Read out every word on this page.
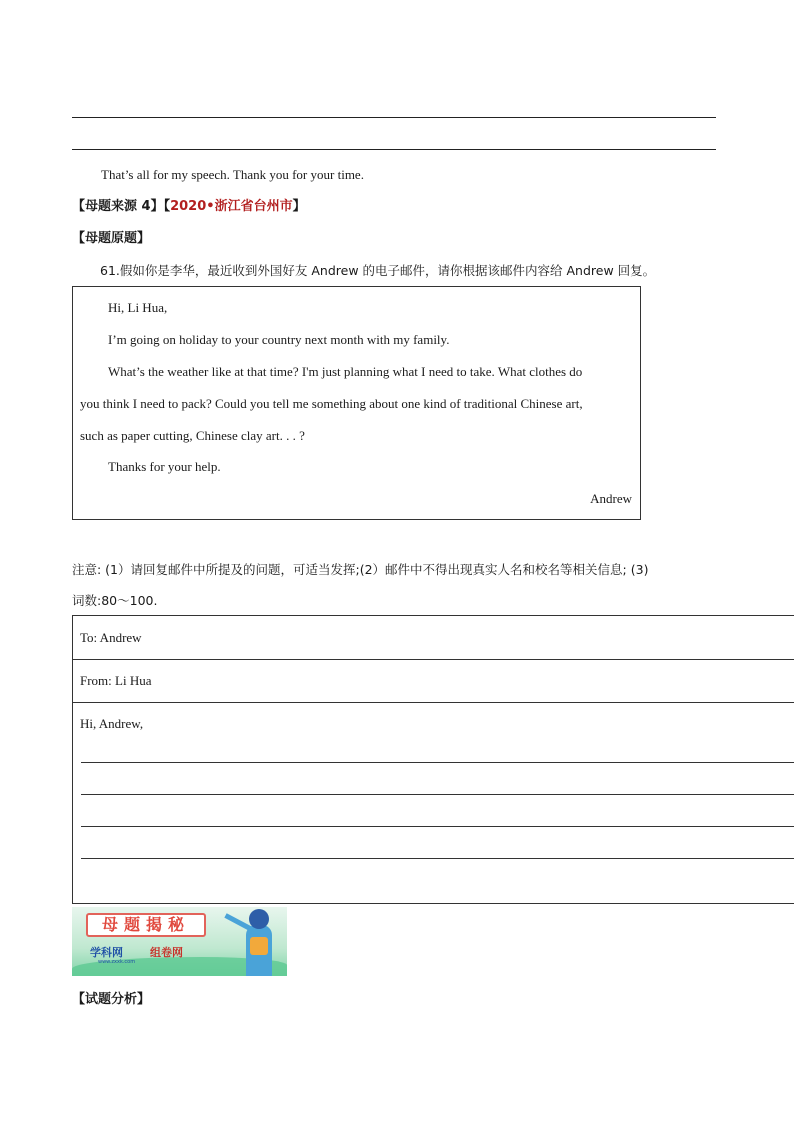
That’s all for my speech. Thank you for your time.
【母题来源 4】【2020•浙江省台州市】
【母题原题】
61.假如你是李华，最近收到外国好友 Andrew 的电子邮件，请你根据该邮件内容给 Andrew 回复。
Hi, Li Hua,
I’m going on holiday to your country next month with my family.
What’s the weather like at that time? I'm just planning what I need to take. What clothes do
you think I need to pack? Could you tell me something about one kind of traditional Chinese art,
such as paper cutting, Chinese clay art. . . ?
Thanks for your help.
Andrew
注意: (1）请回复邮件中所提及的问题，可适当发挥;(2）邮件中不得出现真实人名和校名等相关信息; (3)
词数:80～100.
To: Andrew
From: Li Hua
Hi, Andrew,
母题揭秘
学科网
www.zxxk.com
组卷网
【试题分析】
